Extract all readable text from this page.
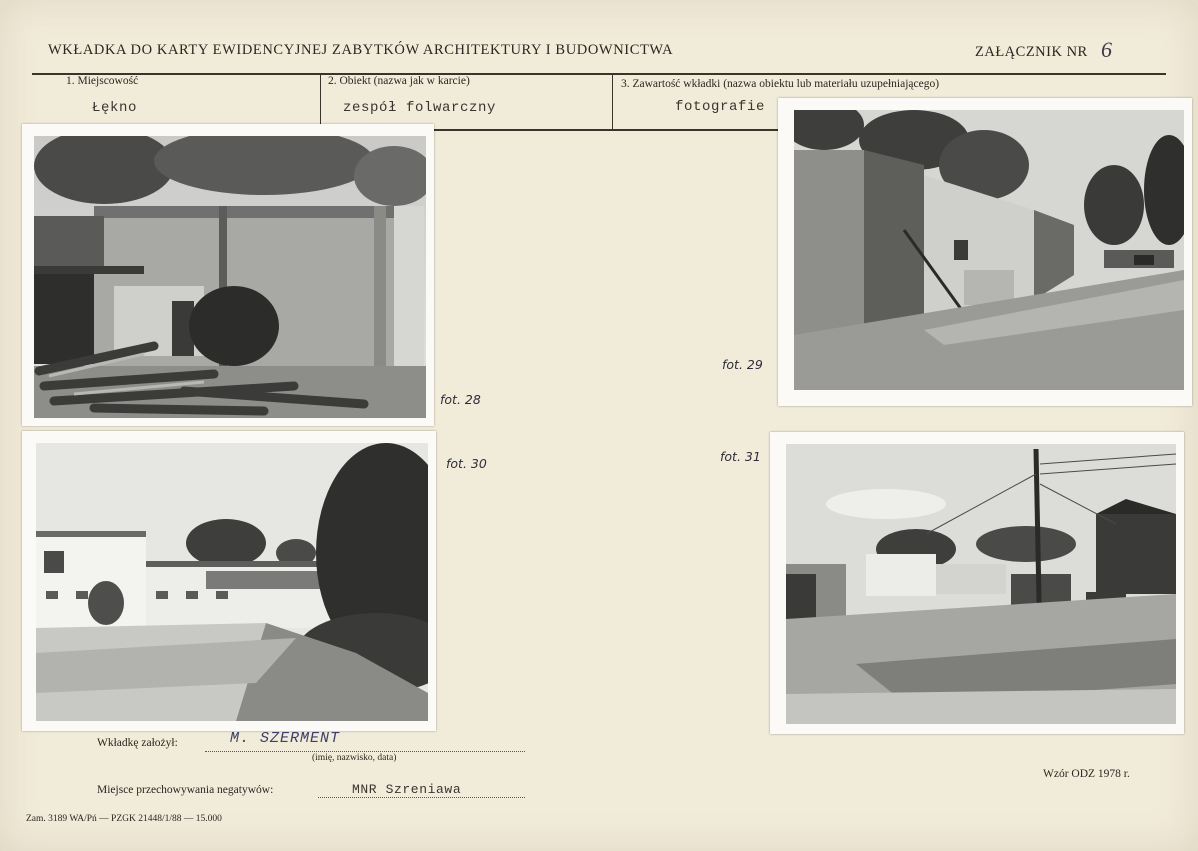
WKŁADKA DO KARTY EWIDENCYJNEJ ZABYTKÓW ARCHITEKTURY I BUDOWNICTWA	ZAŁĄCZNIK NR 6
1. Miejscowość
Łękno
2. Obiekt (nazwa jak w karcie)
zespół folwarczny
3. Zawartość wkładki (nazwa obiektu lub materiału uzupełniającego)
fotografie
fot. 28
fot. 29
fot. 30	fot. 31
Wkładkę założył:	M. SZERMENT
(imię, nazwisko, data)
Miejsce przechowywania negatywów:	MNR Szreniawa
Wzór ODZ 1978 r.
Zam. 3189 WA/Pń — PZGK 21448/1/88 — 15.000
